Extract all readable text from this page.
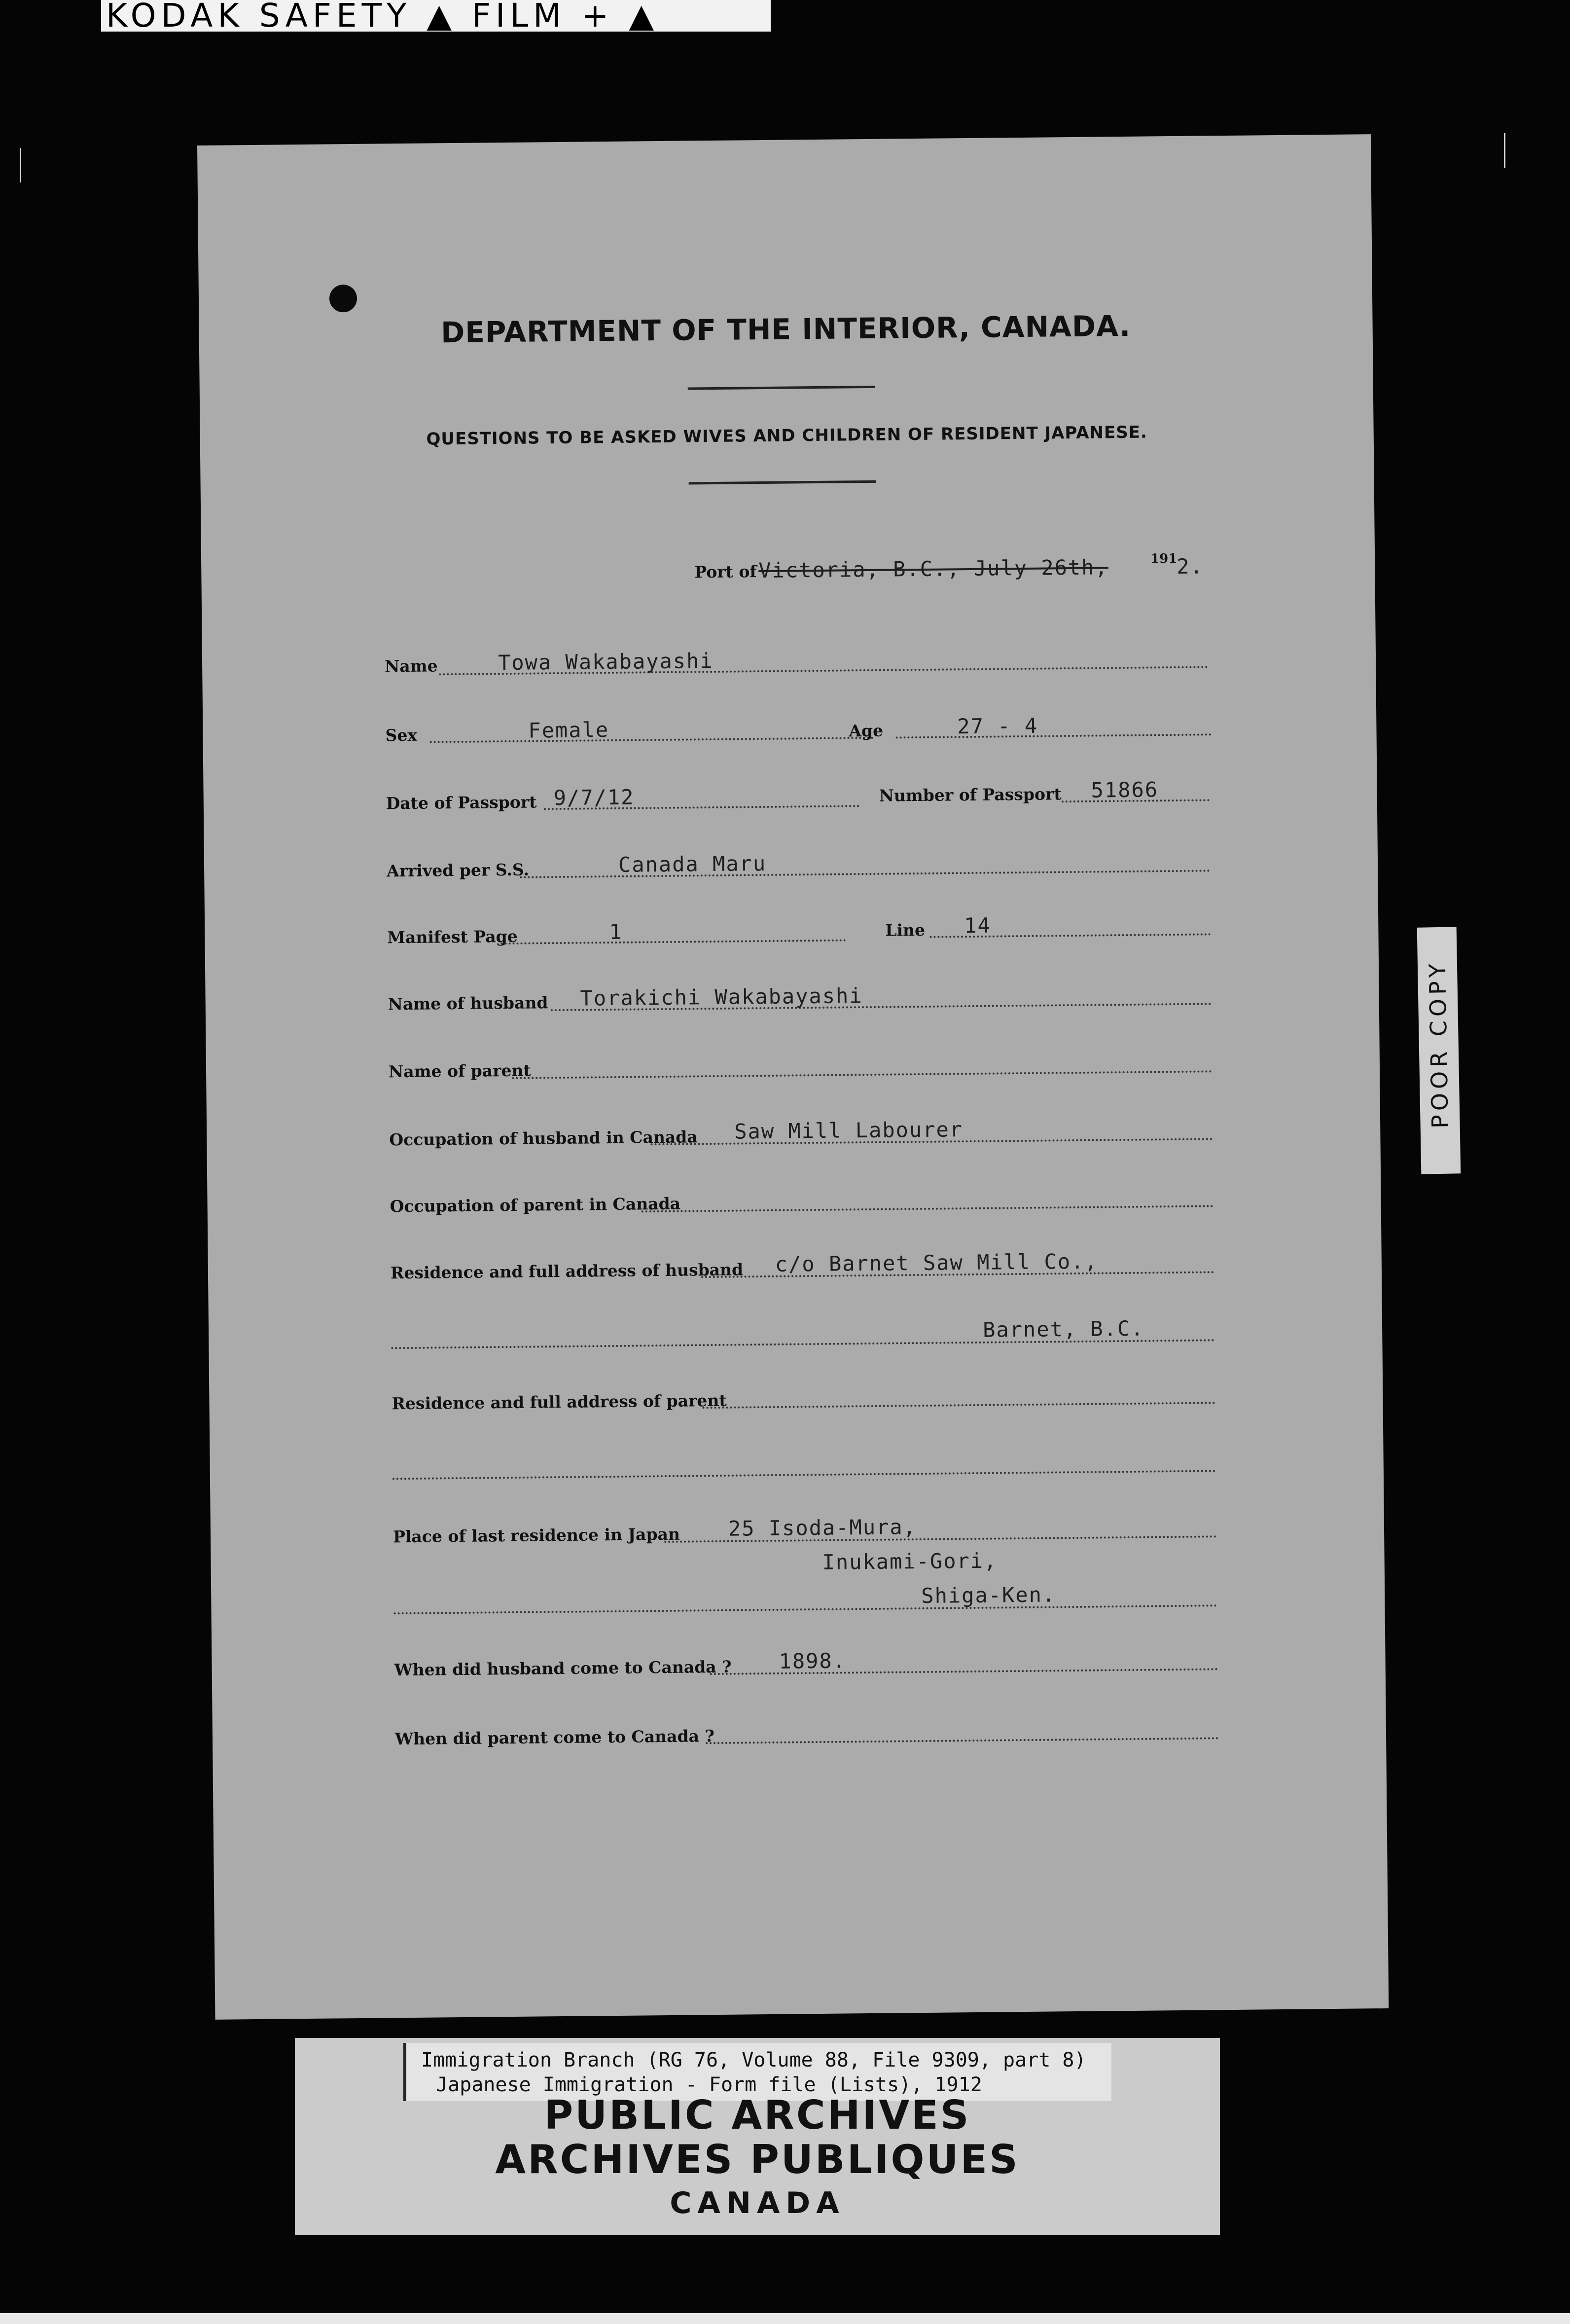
KODAK SAFETY ▲ FILM + ▲
DEPARTMENT OF THE INTERIOR, CANADA.
QUESTIONS TO BE ASKED WIVES AND CHILDREN OF RESIDENT JAPANESE.
Port of Victoria, B.C., July 26th,	191
2.
Name	Towa Wakabayashi
Sex	Female	Age	27 - 4
Date of Passport 9/7/12	Number of Passport 51866
Arrived per S.S.	Canada Maru
Manifest Page	1	Line 14
Name of husband Torakichi Wakabayashi
Name of parent
Occupation of husband in Canada Saw Mill Labourer
Occupation of parent in Canada
Residence and full address of husband c/o Barnet Saw Mill Co.,
Barnet, B.C.
Residence and full address of parent
Place of last residence in Japan 25 Isoda-Mura,
Inukami-Gori,
Shiga-Ken.
When did husband come to Canada ? 1898.
When did parent come to Canada ?
POOR COPY
Immigration Branch (RG 76, Volume 88, File 9309, part 8)
Japanese Immigration - Form file (Lists), 1912
PUBLIC ARCHIVES
ARCHIVES PUBLIQUES
CANADA
